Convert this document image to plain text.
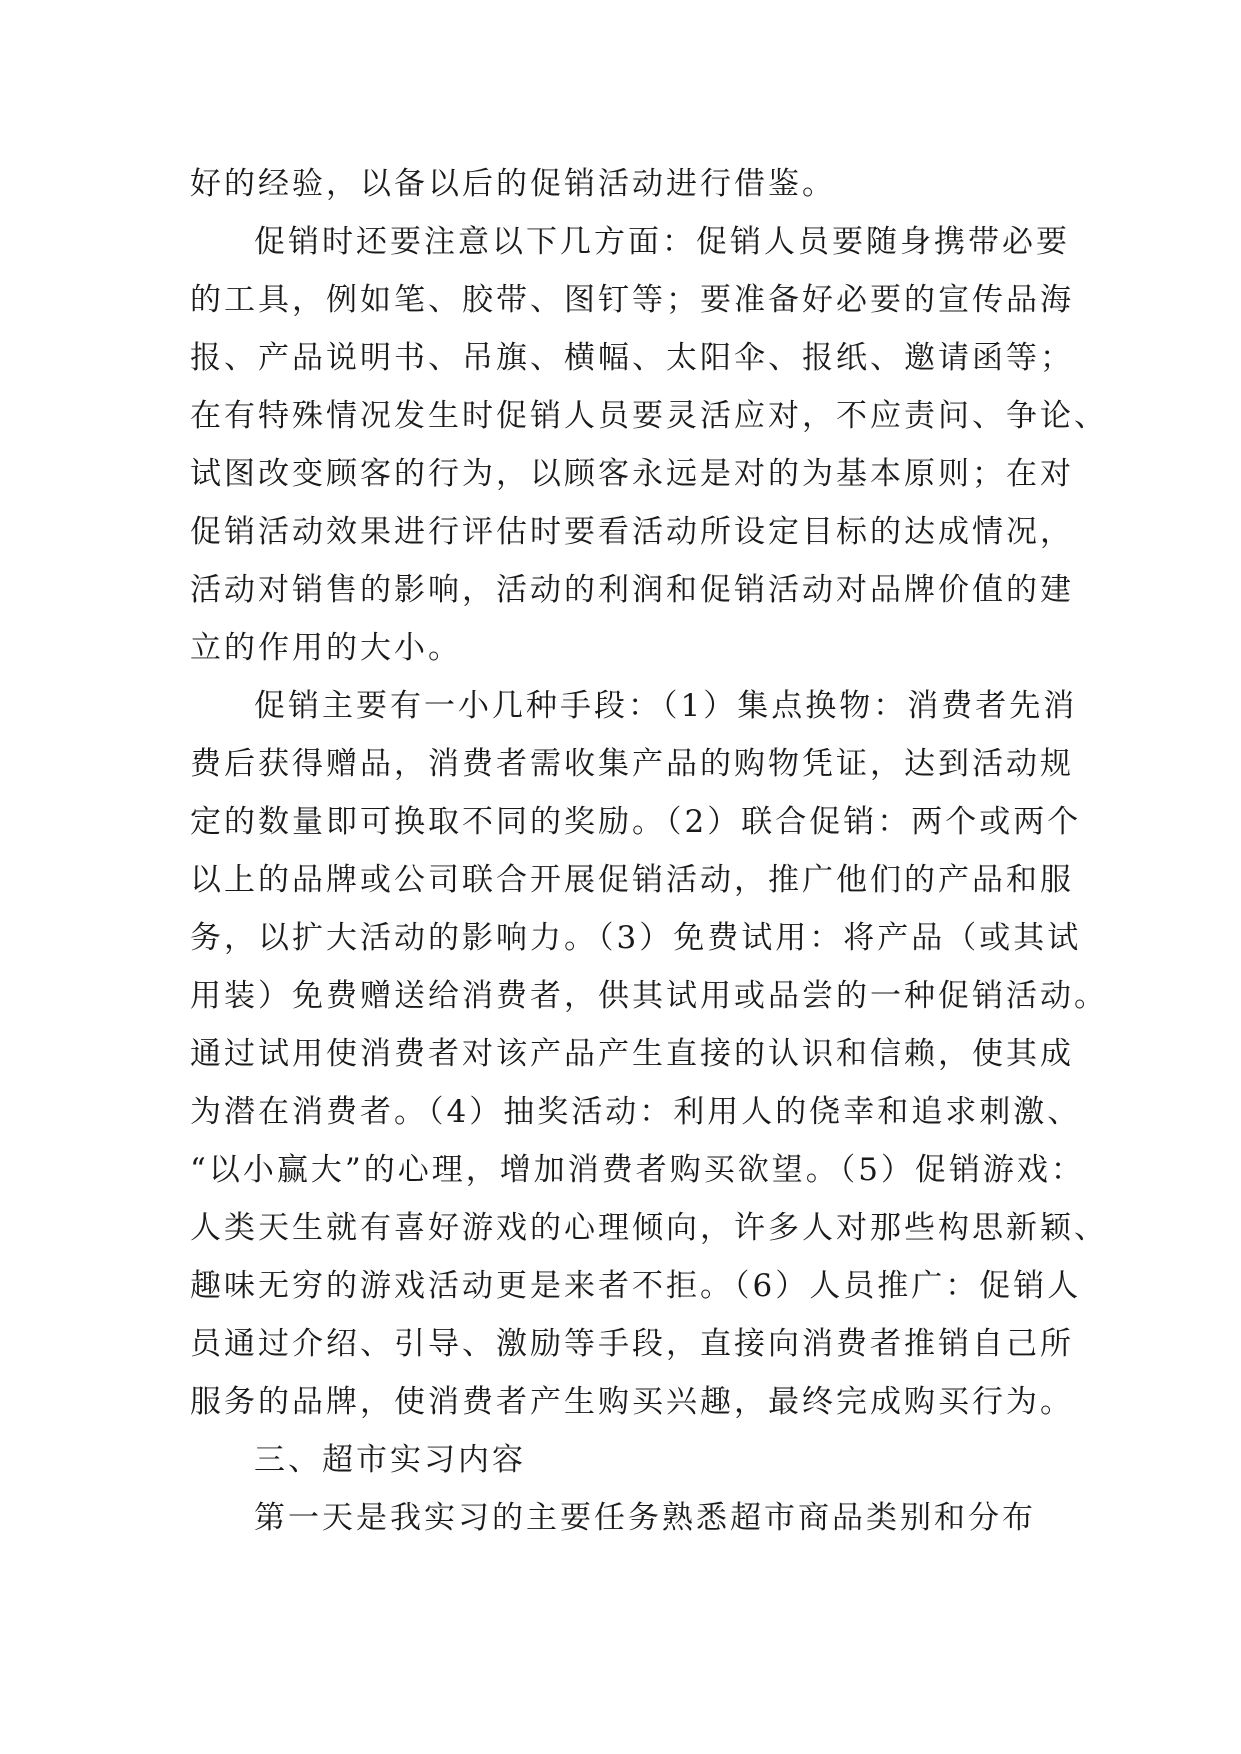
好的经验，以备以后的促销活动进行借鉴。
促销时还要注意以下几方面：促销人员要随身携带必要
的工具，例如笔、胶带、图钉等；要准备好必要的宣传品海
报、产品说明书、吊旗、横幅、太阳伞、报纸、邀请函等；
在有特殊情况发生时促销人员要灵活应对，不应责问、争论、
试图改变顾客的行为，以顾客永远是对的为基本原则；在对
促销活动效果进行评估时要看活动所设定目标的达成情况，
活动对销售的影响，活动的利润和促销活动对品牌价值的建
立的作用的大小。
促销主要有一小几种手段：（1）集点换物：消费者先消
费后获得赠品，消费者需收集产品的购物凭证，达到活动规
定的数量即可换取不同的奖励。（2）联合促销：两个或两个
以上的品牌或公司联合开展促销活动，推广他们的产品和服
务，以扩大活动的影响力。（3）免费试用：将产品（或其试
用装）免费赠送给消费者，供其试用或品尝的一种促销活动。
通过试用使消费者对该产品产生直接的认识和信赖，使其成
为潜在消费者。（4）抽奖活动：利用人的侥幸和追求刺激、
“以小赢大”的心理，增加消费者购买欲望。（5）促销游戏：
人类天生就有喜好游戏的心理倾向，许多人对那些构思新颖、
趣味无穷的游戏活动更是来者不拒。（6）人员推广：促销人
员通过介绍、引导、激励等手段，直接向消费者推销自己所
服务的品牌，使消费者产生购买兴趣，最终完成购买行为。
三、超市实习内容
第一天是我实习的主要任务熟悉超市商品类别和分布
